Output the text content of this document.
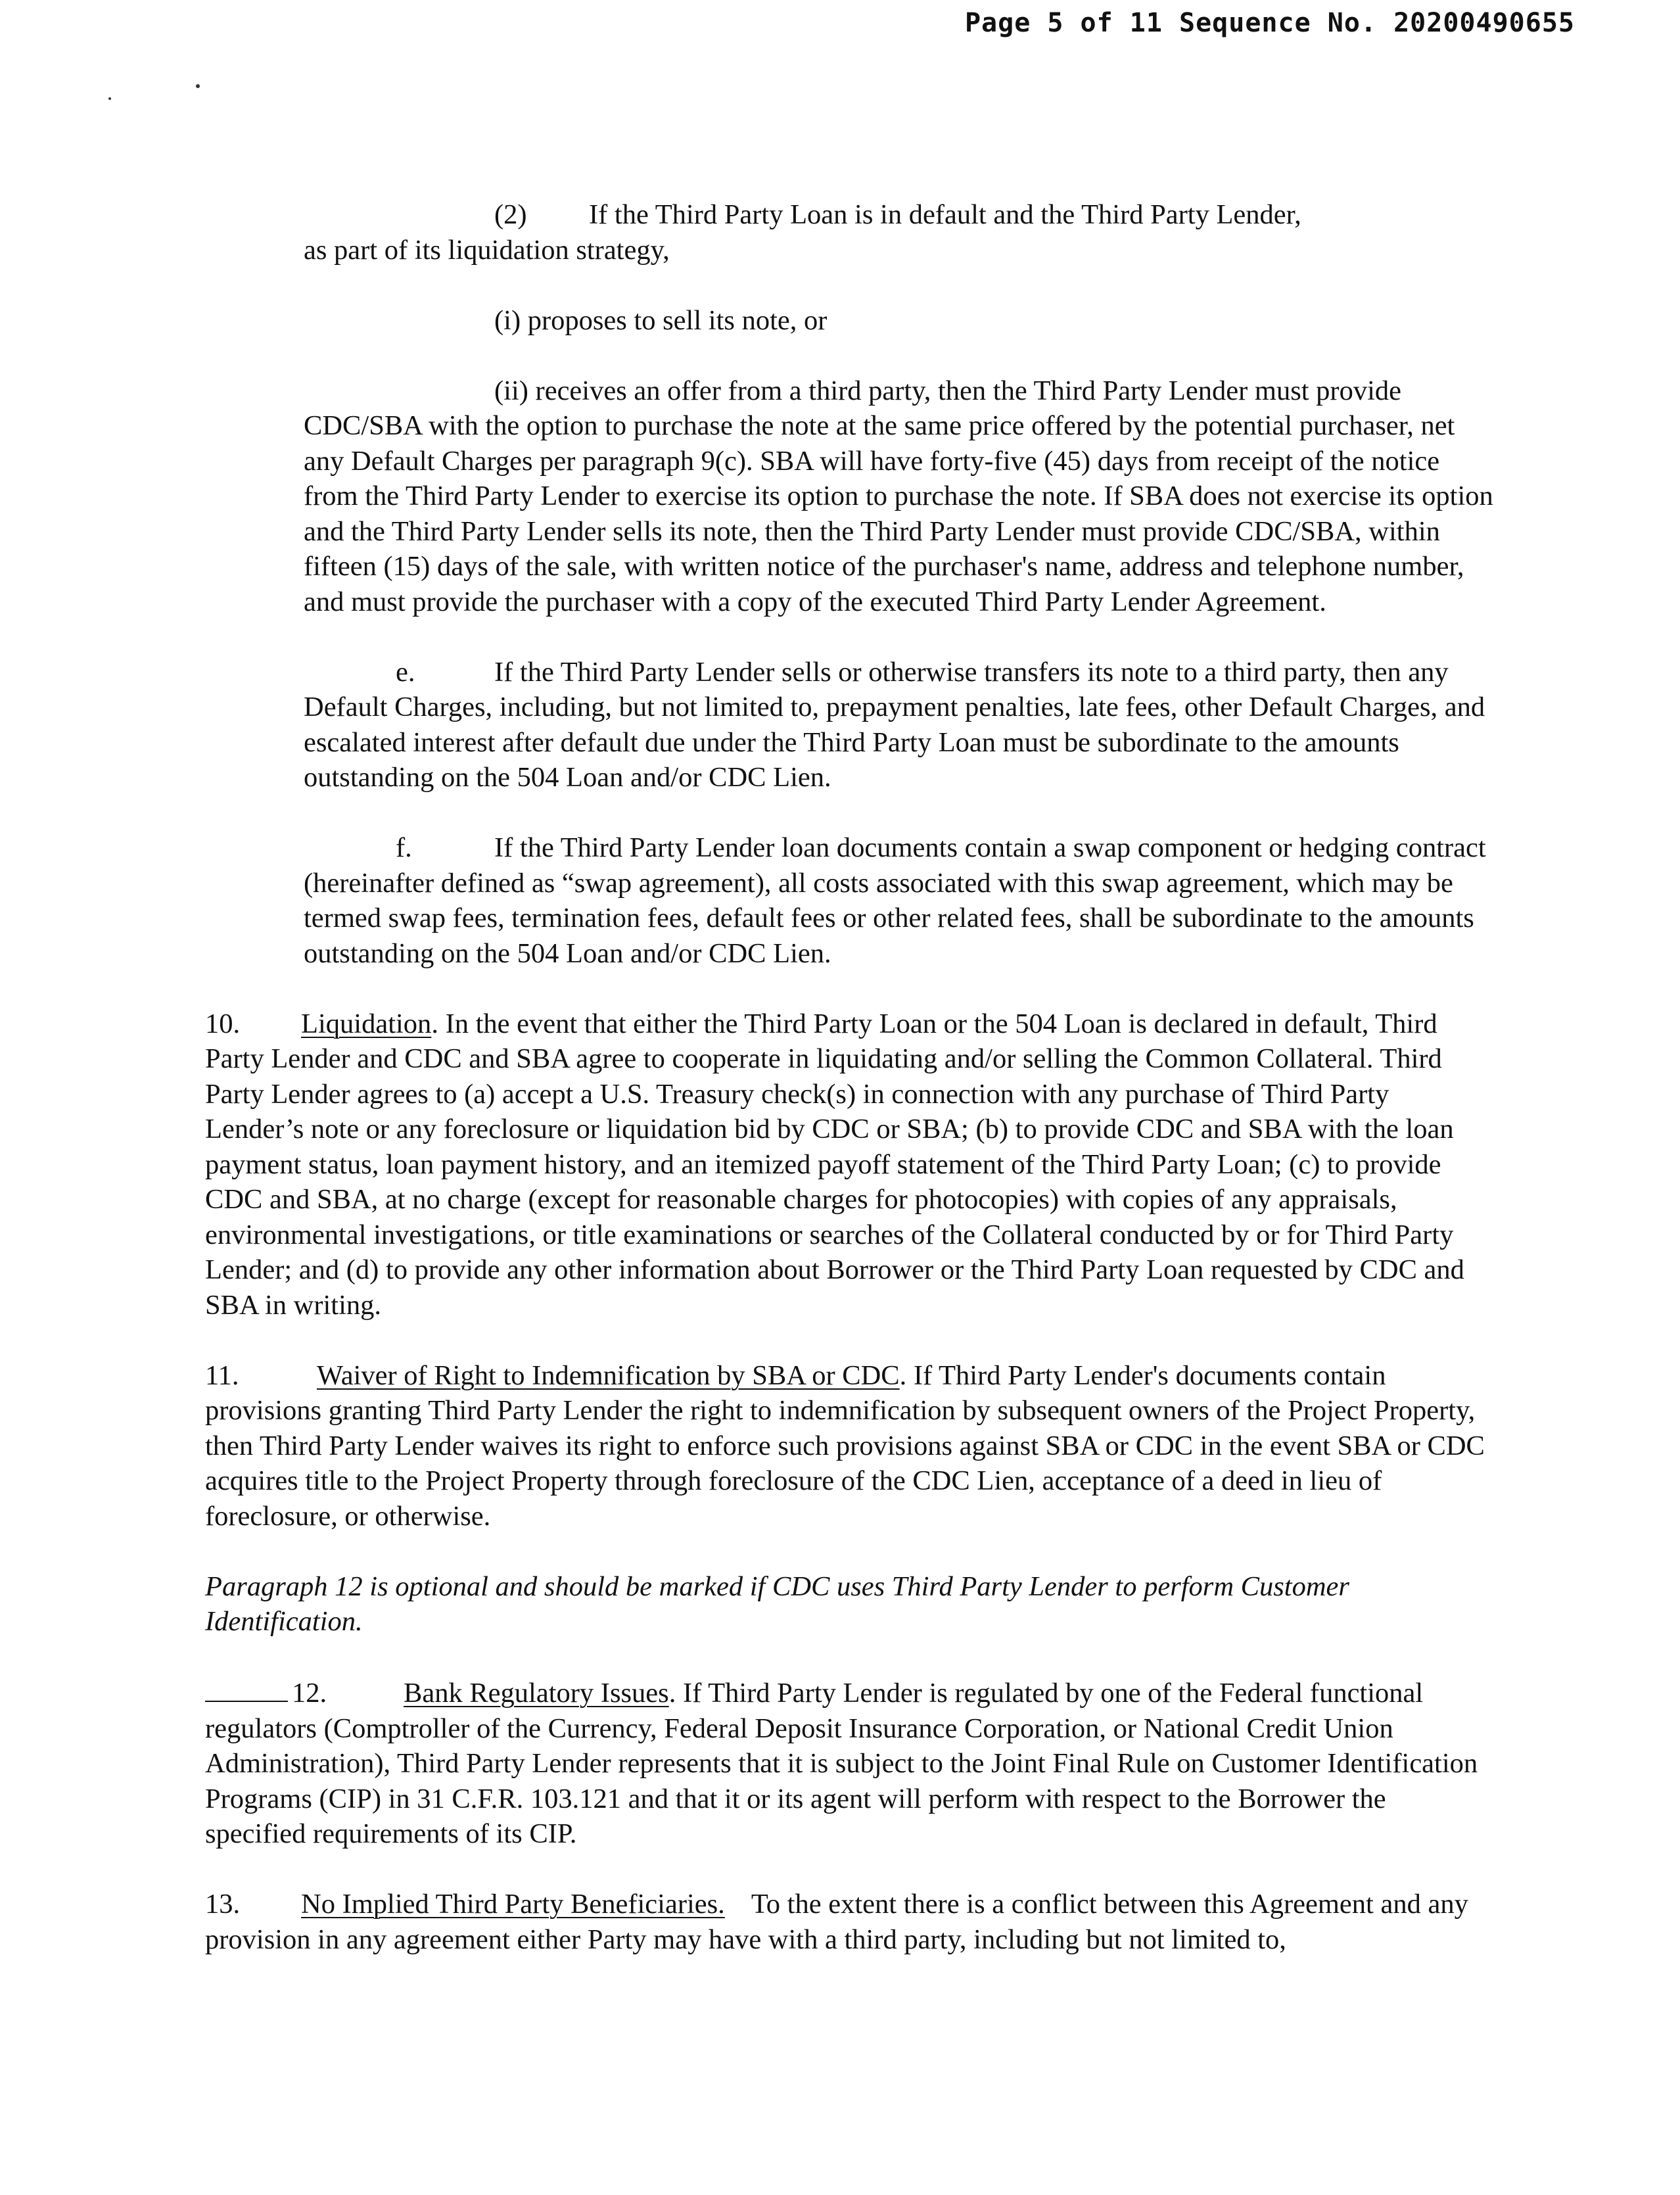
Page 5 of 11 Sequence No. 20200490655

(2) If the Third Party Loan is in default and the Third Party Lender,

as part of its liquidation strategy,

(i) proposes to sell its note, or

(ii) receives an offer from a third party, then the Third Party Lender must provide CDC/SBA with the option to purchase the note at the same price offered by the potential purchaser, net any Default Charges per paragraph 9(c). SBA will have forty-five (45) days from receipt of the notice from the Third Party Lender to exercise its option to purchase the note. If SBA does not exercise its option and the Third Party Lender sells its note, then the Third Party Lender must provide CDC/SBA, within fifteen (15) days of the sale, with written notice of the purchaser's name, address and telephone number, and must provide the purchaser with a copy of the executed Third Party Lender Agreement.

e.	If the Third Party Lender sells or otherwise transfers its note to a third party, then any Default Charges, including, but not limited to, prepayment penalties, late fees, other Default Charges, and escalated interest after default due under the Third Party Loan must be subordinate to the amounts outstanding on the 504 Loan and/or CDC Lien.

f.	If the Third Party Lender loan documents contain a swap component or hedging contract (hereinafter defined as “swap agreement), all costs associated with this swap agreement, which may be termed swap fees, termination fees, default fees or other related fees, shall be subordinate to the amounts outstanding on the 504 Loan and/or CDC Lien.

10. Liquidation. In the event that either the Third Party Loan or the 504 Loan is declared in default, Third Party Lender and CDC and SBA agree to cooperate in liquidating and/or selling the Common Collateral. Third Party Lender agrees to (a) accept a U.S. Treasury check(s) in connection with any purchase of Third Party Lender’s note or any foreclosure or liquidation bid by CDC or SBA; (b) to provide CDC and SBA with the loan payment status, loan payment history, and an itemized payoff statement of the Third Party Loan; (c) to provide CDC and SBA, at no charge (except for reasonable charges for photocopies) with copies of any appraisals, environmental investigations, or title examinations or searches of the Collateral conducted by or for Third Party Lender; and (d) to provide any other information about Borrower or the Third Party Loan requested by CDC and SBA in writing.

11.	Waiver of Right to Indemnification by SBA or CDC. If Third Party Lender's documents contain provisions granting Third Party Lender the right to indemnification by subsequent owners of the Project Property, then Third Party Lender waives its right to enforce such provisions against SBA or CDC in the event SBA or CDC acquires title to the Project Property through foreclosure of the CDC Lien, acceptance of a deed in lieu of foreclosure, or otherwise.

Paragraph 12 is optional and should be marked if CDC uses Third Party Lender to perform Customer Identification.

12.	Bank Regulatory Issues. If Third Party Lender is regulated by one of the Federal functional regulators (Comptroller of the Currency, Federal Deposit Insurance Corporation, or National Credit Union Administration), Third Party Lender represents that it is subject to the Joint Final Rule on Customer Identification Programs (CIP) in 31 C.F.R. 103.121 and that it or its agent will perform with respect to the Borrower the specified requirements of its CIP.

13. No Implied Third Party Beneficiaries. To the extent there is a conflict between this Agreement and any provision in any agreement either Party may have with a third party, including but not limited to,
